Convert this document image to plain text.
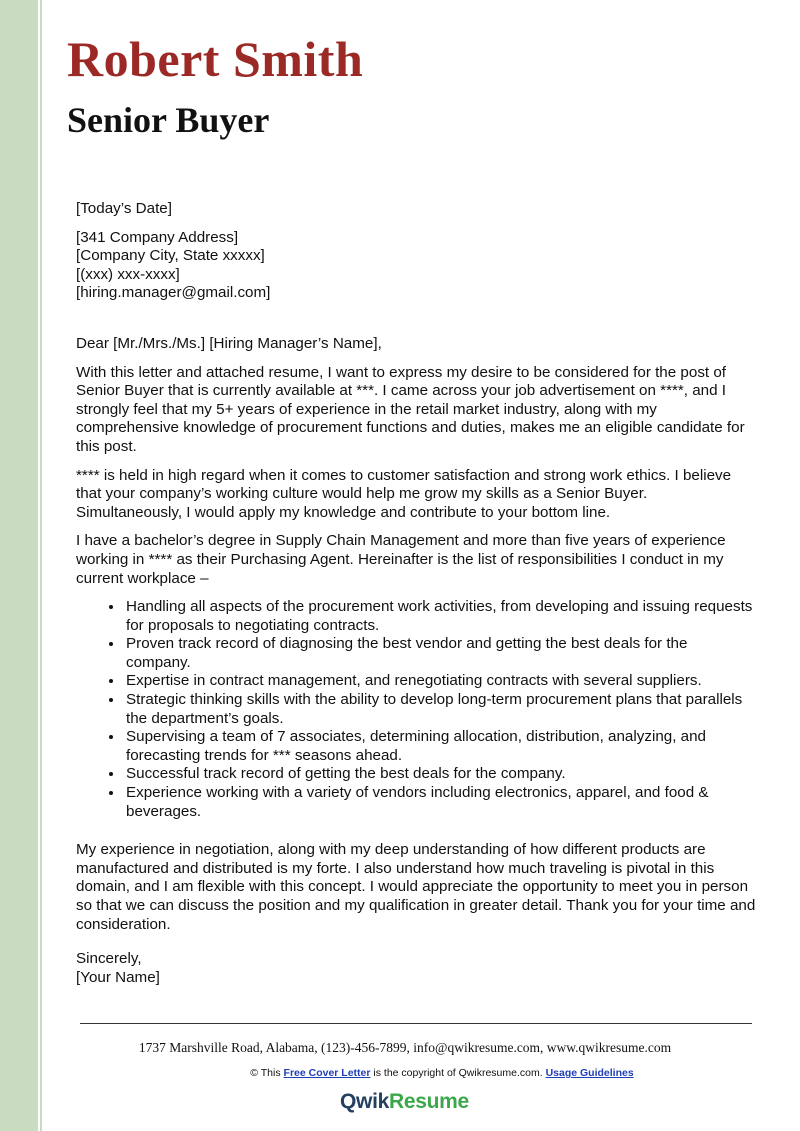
Robert Smith
Senior Buyer

[Today’s Date]

[341 Company Address]

[Company City, State xxxxx]

[(xxx) xxx-xxxx]

[hiring.manager@gmail.com]

Dear [Mr./Mrs./Ms.] [Hiring Manager’s Name],

With this letter and attached resume, I want to express my desire to be considered for the post of Senior Buyer that is currently available at ***. I came across your job advertisement on ****, and I strongly feel that my 5+ years of experience in the retail market industry, along with my comprehensive knowledge of procurement functions and duties, makes me an eligible candidate for this post.

**** is held in high regard when it comes to customer satisfaction and strong work ethics. I believe that your company’s working culture would help me grow my skills as a Senior Buyer. Simultaneously, I would apply my knowledge and contribute to your bottom line.

I have a bachelor’s degree in Supply Chain Management and more than five years of experience working in **** as their Purchasing Agent. Hereinafter is the list of responsibilities I conduct in my current workplace –

• Handling all aspects of the procurement work activities, from developing and issuing requests for proposals to negotiating contracts.
• Proven track record of diagnosing the best vendor and getting the best deals for the company.
• Expertise in contract management, and renegotiating contracts with several suppliers.
• Strategic thinking skills with the ability to develop long-term procurement plans that parallels the department’s goals.
• Supervising a team of 7 associates, determining allocation, distribution, analyzing, and forecasting trends for *** seasons ahead.
• Successful track record of getting the best deals for the company.
• Experience working with a variety of vendors including electronics, apparel, and food & beverages.

My experience in negotiation, along with my deep understanding of how different products are manufactured and distributed is my forte. I also understand how much traveling is pivotal in this domain, and I am flexible with this concept. I would appreciate the opportunity to meet you in person so that we can discuss the position and my qualification in greater detail. Thank you for your time and consideration.

Sincerely,

[Your Name]

1737 Marshville Road, Alabama, (123)-456-7899, info@qwikresume.com, www.qwikresume.com
© This Free Cover Letter is the copyright of Qwikresume.com. Usage Guidelines
QwikResume
